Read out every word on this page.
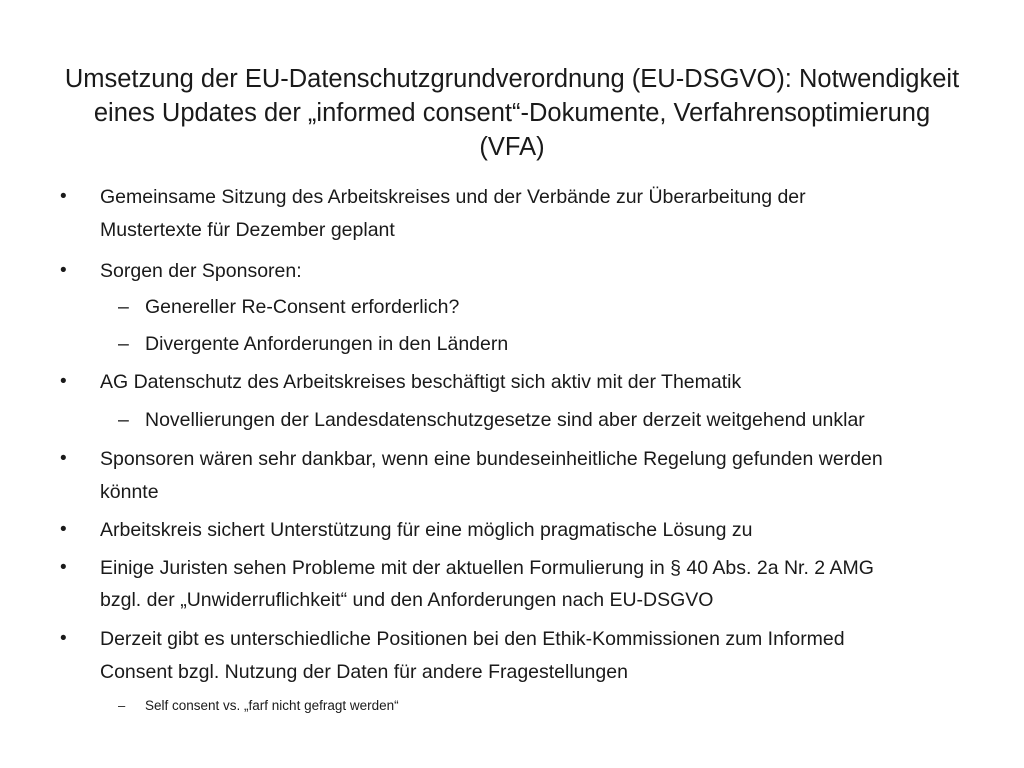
Umsetzung der EU-Datenschutzgrundverordnung (EU-DSGVO): Notwendigkeit
eines Updates der „informed consent“-Dokumente, Verfahrensoptimierung
(VFA)
• Gemeinsame Sitzung des Arbeitskreises und der Verbände zur Überarbeitung der
Mustertexte für Dezember geplant
• Sorgen der Sponsoren:
– Genereller Re-Consent erforderlich?
– Divergente Anforderungen in den Ländern
• AG Datenschutz des Arbeitskreises beschäftigt sich aktiv mit der Thematik
– Novellierungen der Landesdatenschutzgesetze sind aber derzeit weitgehend unklar
• Sponsoren wären sehr dankbar, wenn eine bundeseinheitliche Regelung gefunden werden
könnte
• Arbeitskreis sichert Unterstützung für eine möglich pragmatische Lösung zu
• Einige Juristen sehen Probleme mit der aktuellen Formulierung in § 40 Abs. 2a Nr. 2 AMG
bzgl. der „Unwiderruflichkeit“ und den Anforderungen nach EU-DSGVO
• Derzeit gibt es unterschiedliche Positionen bei den Ethik-Kommissionen zum Informed
Consent bzgl. Nutzung der Daten für andere Fragestellungen
– Self consent vs. „farf nicht gefragt werden“
